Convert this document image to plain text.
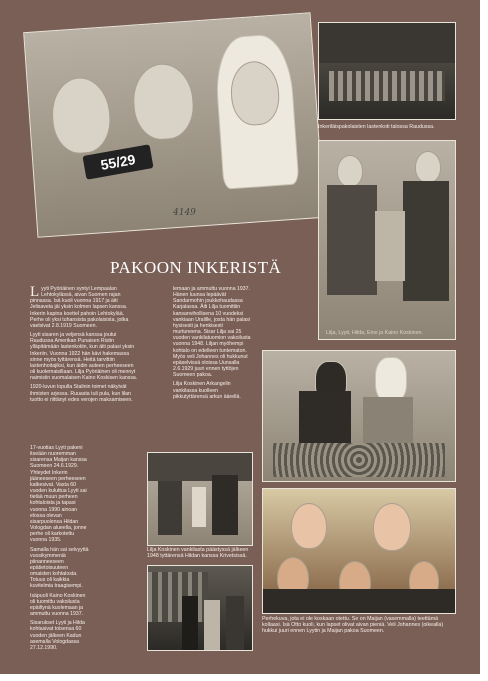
55/29
4149
Inkeriläispakolaisten lastenkoti talossa Raudussa.
Lilja, Lyyti, Hilda, Eino ja Kaino Koskinen.
PAKOON INKERISTÄ

Lyyti Pyöriäinen syntyi Lempaalan Lehtokylässä, aivan Suomen rajan pinnassa. Isä kuoli vuonna 1917 ja äiti Jelisaveta jäi yksin kolmen lapsen kanssa. Inkerin kapina koettel pahoin Lehtokylää. Perhe oli yksi tuhansista pakolaisista, jotka vaelsivat 2.8.1919 Suomeen.

Lyyti sisaren ja veljensä kanssa joutui Raudussa Amerikan Punaisen Ristin ylläpitämään lastenkotiin, kun äiti palasi yksin Inkeriin. Vuonna 1922 hän kävi hakemassa sinne myös tyttärensä. Heitä tarvittiin lastenhoitajiksi, kun äidin auteen perheeseen oli kuolemaisillaan. Lilja Pyöriäinen oli mennyt naimisiin suomalaisen Kaino Koskisen kanssa.

1920-luvun lopulla Stalinin toimet näkyivät ihmisten arjessa. Ruuasta tuli pula, kun lilan tuotto ei riittänyt edes verojen maksamiseen.

17-vuotias Lyyti pakeni itseään nuoremman sisarensa Maijan kanssa Suomeen 24.6.1929. Yhteydet Inkerin jääneeseen perheeseen katkesivat. Vasta 60 vuoden kuluttua Lyyti sai tietää muun perheen kohtaloista ja tapasi vuonna 1990 ainoan elossa olevan sisarpuolensa Hildan Vologdan alueella, jonne perhe oli karkotettu vuonna 1935.

Samalla hän sai selvyyttä vuosikymmeniä piinanneeseen epätietoisuuteen omaisten kohtalosta. Totuus oli kaikkia kuvitelmia traagisempi.

Isäpuoli Kaino Koskinen oli tuomittu vakoilusta epäiltynä kuolemaan ja ammuttu vuonna 1937.

Sisarukset Lyyti ja Hilda kohtasivat toisensa 60 vuoden jälkeen Kadun asemalla Vologdassa 27.12.1990.

lemaan ja ammuttu vuonna 1937. Hänen luunsa lepäävät Sandarmohin joukkohaudassa Karjalassa. Äiti Lilja tuomittiin kansanvihollisena 10 vuodeksi vankiaan Uralille, josta hän palasi hysisesti ja henkisesti murtuneena. Sisar Lilja sai 25 vuoden vankilatuomion vakoilusta vuonna 1948. Liljan myöhempi kohtalo on edelleen tuntematon. Myös veli Johannes oli hukkunut epäselvissä oloissa Uunsalla 2.6.1929 juuri ennen tyttöjen Suomeen pakoa.

Lilja Koskinen Arkangelin vankilassa kuolleen pikkutyttärensä arkun äärellä.

Lilja Koskinen vankilasta päästyssä jälkeen 1948 tyttärensä Hildan kanssa Krivetsissä.
Perhekuva, jota ei ole koskaan otettu. Se on Maijan (vasemmalla) teettämä kollaasi. Isä Otto kuoli, kun lapset olivat aivan pieniä. Veli Johannes (oikealla) hukkui juuri ennen Lyytin ja Maijan pakoa Suomeen.
